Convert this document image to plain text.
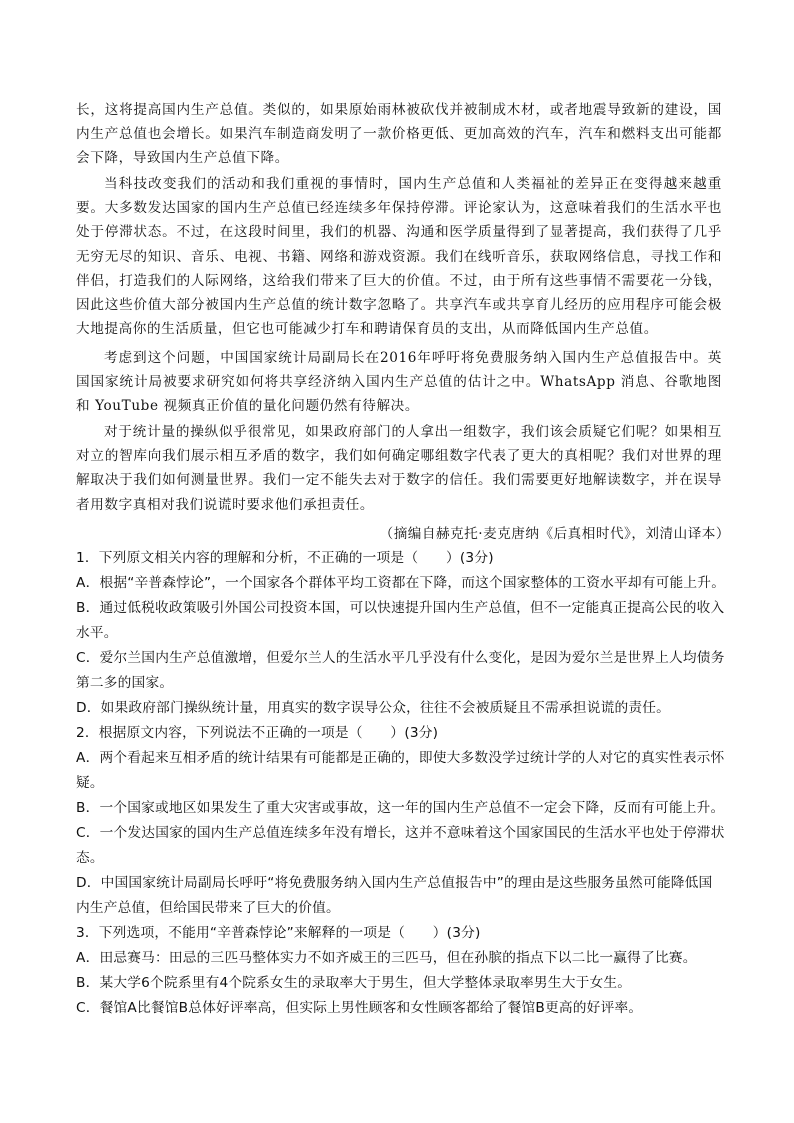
长，这将提高国内生产总值。类似的，如果原始雨林被砍伐并被制成木材，或者地震导致新的建设，国内生产总值也会增长。如果汽车制造商发明了一款价格更低、更加高效的汽车，汽车和燃料支出可能都会下降，导致国内生产总值下降。

当科技改变我们的活动和我们重视的事情时，国内生产总值和人类福祉的差异正在变得越来越重要。大多数发达国家的国内生产总值已经连续多年保持停滞。评论家认为，这意味着我们的生活水平也处于停滞状态。不过，在这段时间里，我们的机器、沟通和医学质量得到了显著提高，我们获得了几乎无穷无尽的知识、音乐、电视、书籍、网络和游戏资源。我们在线听音乐，获取网络信息，寻找工作和伴侣，打造我们的人际网络，这给我们带来了巨大的价值。不过，由于所有这些事情不需要花一分钱，因此这些价值大部分被国内生产总值的统计数字忽略了。共享汽车或共享育儿经历的应用程序可能会极大地提高你的生活质量，但它也可能减少打车和聘请保育员的支出，从而降低国内生产总值。

考虑到这个问题，中国国家统计局副局长在2016年呼吁将免费服务纳入国内生产总值报告中。英国国家统计局被要求研究如何将共享经济纳入国内生产总值的估计之中。WhatsApp 消息、谷歌地图和 YouTube 视频真正价值的量化问题仍然有待解决。

对于统计量的操纵似乎很常见，如果政府部门的人拿出一组数字，我们该会质疑它们呢？如果相互对立的智库向我们展示相互矛盾的数字，我们如何确定哪组数字代表了更大的真相呢？我们对世界的理解取决于我们如何测量世界。我们一定不能失去对于数字的信任。我们需要更好地解读数字，并在误导者用数字真相对我们说谎时要求他们承担责任。

（摘编自赫克托·麦克唐纳《后真相时代》，刘清山译本）

1．下列原文相关内容的理解和分析，不正确的一项是（　　）(3分)

A．根据“辛普森悖论”，一个国家各个群体平均工资都在下降，而这个国家整体的工资水平却有可能上升。

B．通过低税收政策吸引外国公司投资本国，可以快速提升国内生产总值，但不一定能真正提高公民的收入水平。

C．爱尔兰国内生产总值激增，但爱尔兰人的生活水平几乎没有什么变化，是因为爱尔兰是世界上人均债务第二多的国家。

D．如果政府部门操纵统计量，用真实的数字误导公众，往往不会被质疑且不需承担说谎的责任。

2．根据原文内容，下列说法不正确的一项是（　　）(3分)

A．两个看起来互相矛盾的统计结果有可能都是正确的，即使大多数没学过统计学的人对它的真实性表示怀疑。

B．一个国家或地区如果发生了重大灾害或事故，这一年的国内生产总值不一定会下降，反而有可能上升。

C．一个发达国家的国内生产总值连续多年没有增长，这并不意味着这个国家国民的生活水平也处于停滞状态。

D．中国国家统计局副局长呼吁“将免费服务纳入国内生产总值报告中”的理由是这些服务虽然可能降低国内生产总值，但给国民带来了巨大的价值。

3．下列选项，不能用“辛普森悖论”来解释的一项是（　　）(3分)

A．田忌赛马：田忌的三匹马整体实力不如齐威王的三匹马，但在孙膑的指点下以二比一赢得了比赛。

B．某大学6个院系里有4个院系女生的录取率大于男生，但大学整体录取率男生大于女生。

C．餐馆A比餐馆B总体好评率高，但实际上男性顾客和女性顾客都给了餐馆B更高的好评率。
